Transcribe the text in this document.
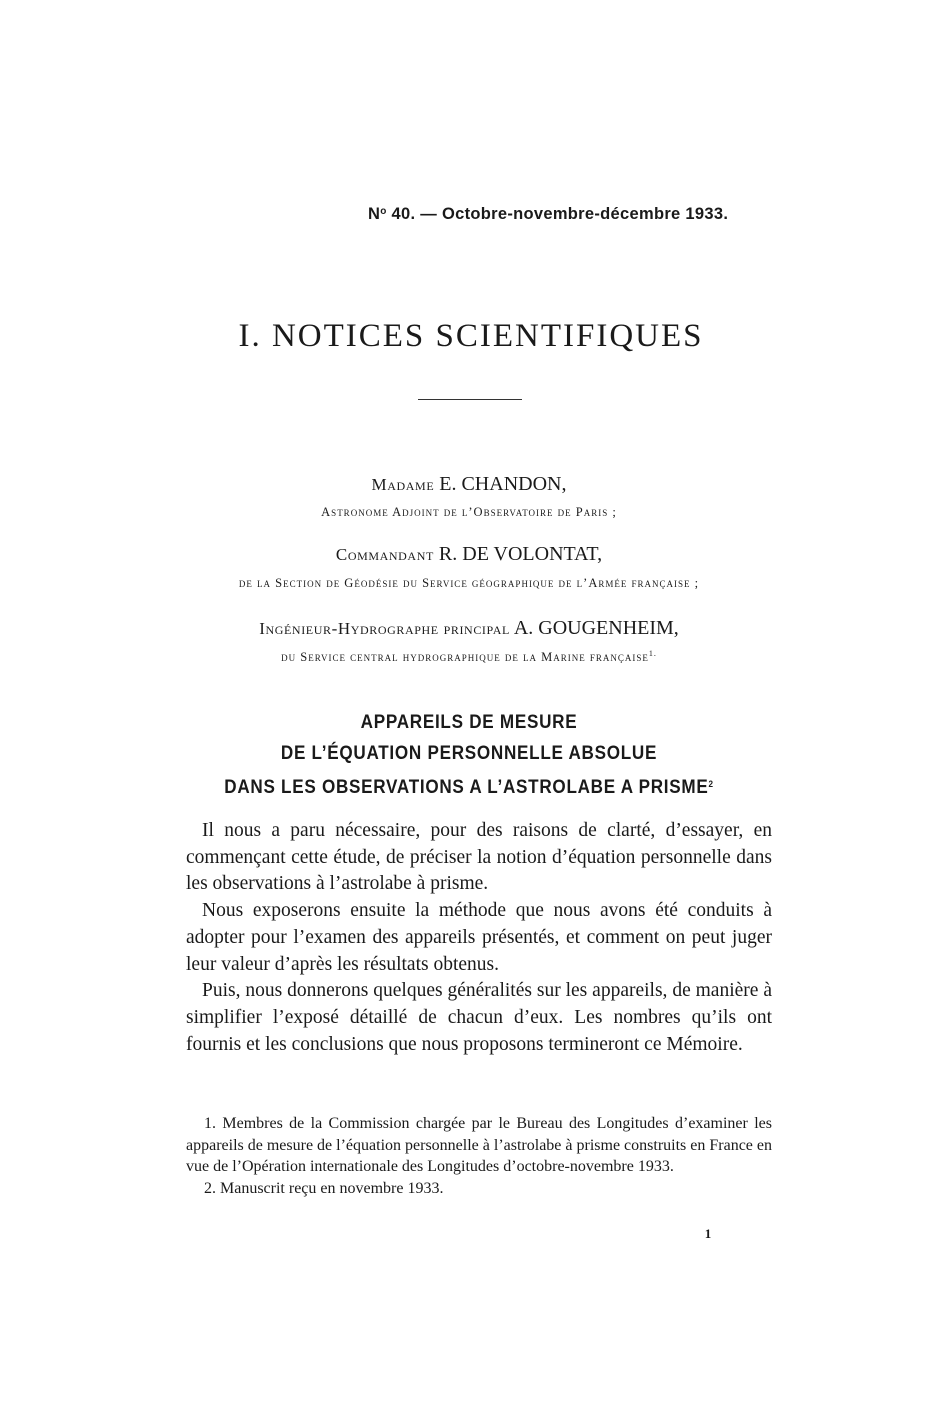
$N^o$ 40. — Octobre-novembre-décembre 1933.
I. NOTICES SCIENTIFIQUES
Madame E. CHANDON,
Astronome Adjoint de l’Observatoire de Paris ;
Commandant R. DE VOLONTAT,
de la Section de Géodésie du Service géographique de l’Armée française ;
Ingénieur-Hydrographe principal A. GOUGENHEIM,
du Service central hydrographique de la Marine française$^{1.}$
APPAREILS DE MESURE
DE L’ÉQUATION PERSONNELLE ABSOLUE
DANS LES OBSERVATIONS A L’ASTROLABE A PRISME$^2$

Il nous a paru nécessaire, pour des raisons de clarté, d’essayer, en commençant cette étude, de préciser la notion d’équation personnelle dans les observations à l’astrolabe à prisme.

Nous exposerons ensuite la méthode que nous avons été conduits à adopter pour l’examen des appareils présentés, et comment on peut juger leur valeur d’après les résultats obtenus.

Puis, nous donnerons quelques généralités sur les appareils, de manière à simplifier l’exposé détaillé de chacun d’eux. Les nombres qu’ils ont fournis et les conclusions que nous proposons termineront ce Mémoire.

1. Membres de la Commission chargée par le Bureau des Longitudes d’examiner les appareils de mesure de l’équation personnelle à l’astrolabe à prisme construits en France en vue de l’Opération internationale des Longitudes d’octobre-novembre 1933.

2. Manuscrit reçu en novembre 1933.

1
